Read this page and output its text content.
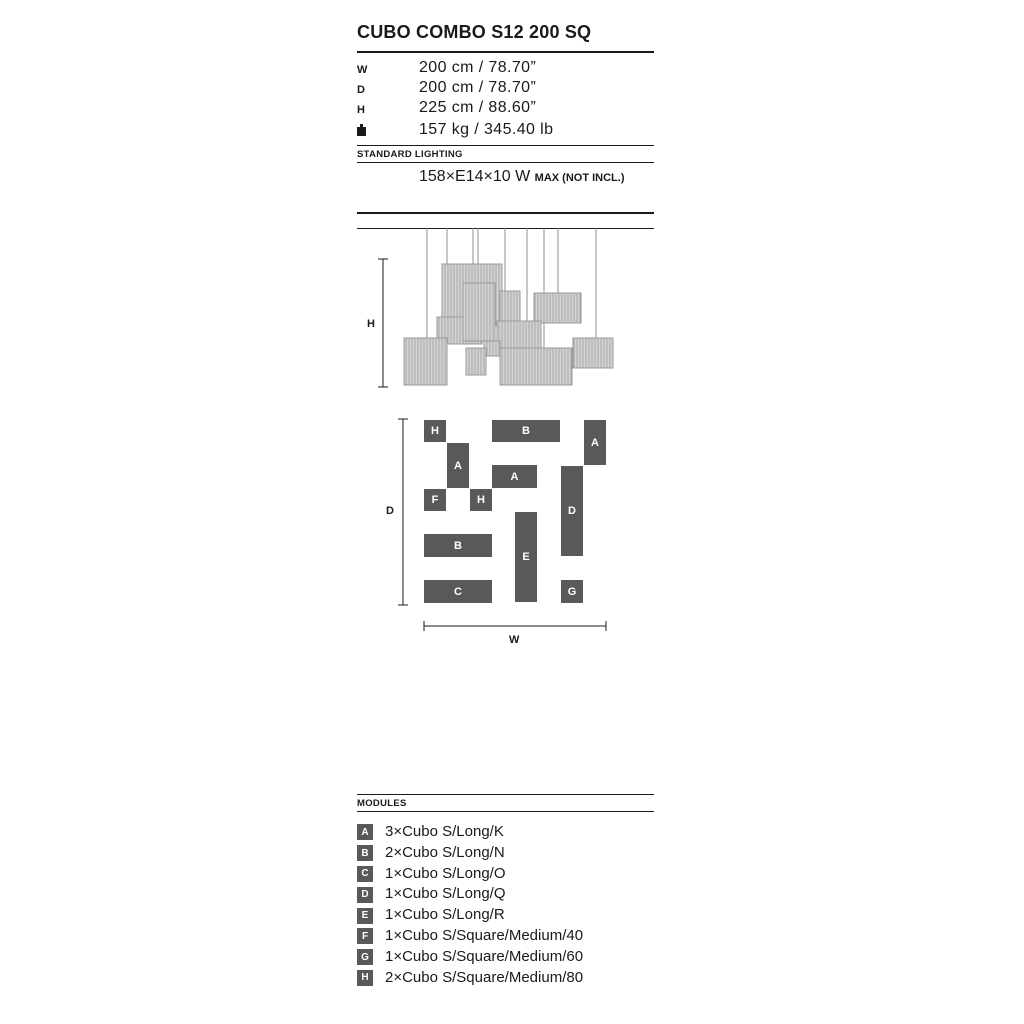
CUBO COMBO S12 200 SQ
W	200 cm / 78.70”
D	200 cm / 78.70”
H	225 cm / 88.60”
157 kg / 345.40 lb
STANDARD LIGHTING
158×E14×10 W MAX (NOT INCL.)
H
D
H	B
A
A
A
F	H
D
B
E
C	G
W
MODULES
A 3×Cubo S/Long/K
B 2×Cubo S/Long/N
C 1×Cubo S/Long/O
D 1×Cubo S/Long/Q
E	1×Cubo S/Long/R
F	1×Cubo S/Square/Medium/40
G 1×Cubo S/Square/Medium/60
H 2×Cubo S/Square/Medium/80
